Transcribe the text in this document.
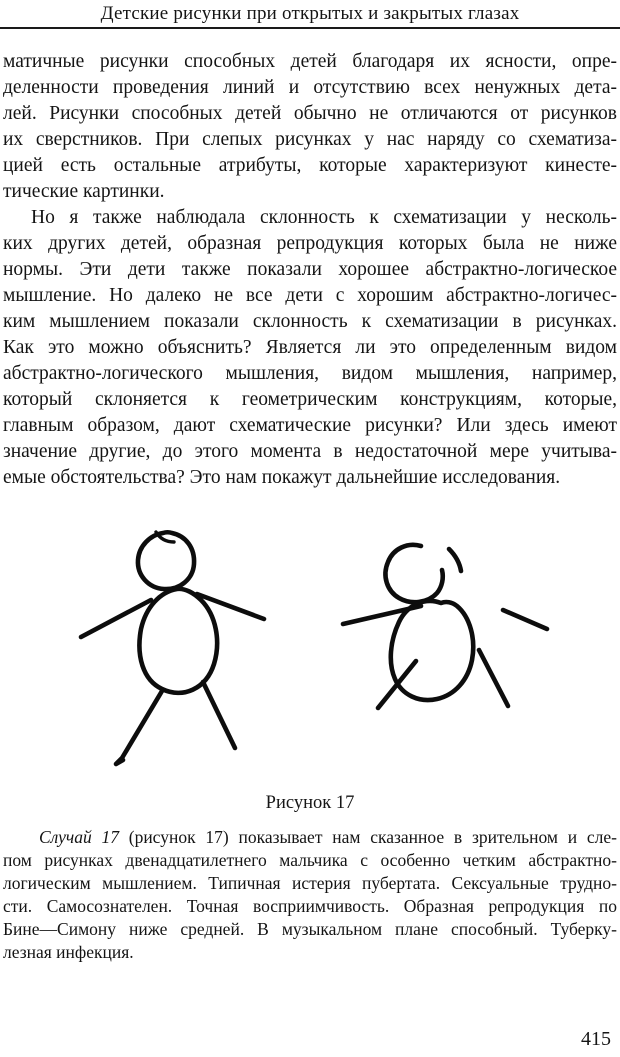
Детские рисунки при открытых и закрытых глазах
матичные рисунки способных детей благодаря их ясности, опре-
деленности проведения линий и отсутствию всех ненужных дета-
лей. Рисунки способных детей обычно не отличаются от рисунков
их сверстников. При слепых рисунках у нас наряду со схематиза-
цией есть остальные атрибуты, которые характеризуют кинесте-
тические картинки.
Но я также наблюдала склонность к схематизации у несколь-
ких других детей, образная репродукция которых была не ниже
нормы. Эти дети также показали хорошее абстрактно-логическое
мышление. Но далеко не все дети с хорошим абстрактно-логичес-
ким мышлением показали склонность к схематизации в рисунках.
Как это можно объяснить? Является ли это определенным видом
абстрактно-логического мышления, видом мышления, например,
который склоняется к геометрическим конструкциям, которые,
главным образом, дают схематические рисунки? Или здесь имеют
значение другие, до этого момента в недостаточной мере учитыва-
емые обстоятельства? Это нам покажут дальнейшие исследования.
Рисунок 17
Случай 17 (рисунок 17) показывает нам сказанное в зрительном и сле-
пом рисунках двенадцатилетнего мальчика с особенно четким абстрактно-
логическим мышлением. Типичная истерия пубертата. Сексуальные трудно-
сти. Самосознателен. Точная восприимчивость. Образная репродукция по
Бине—Симону ниже средней. В музыкальном плане способный. Туберку-
лезная инфекция.
415
